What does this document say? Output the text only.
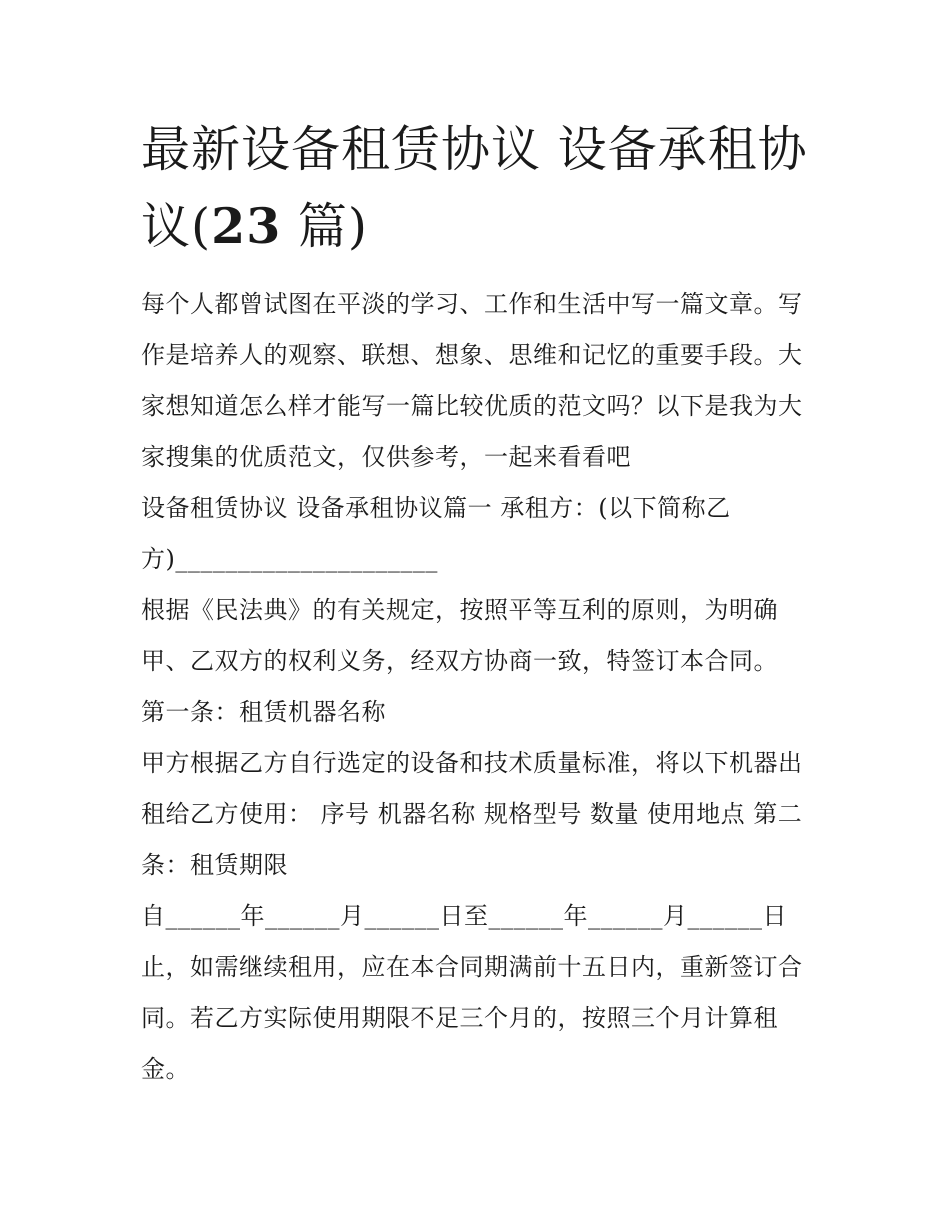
最新设备租赁协议 设备承租协
议(23 篇)

每个人都曾试图在平淡的学习、工作和生活中写一篇文章。写作是培养人的观察、联想、想象、思维和记忆的重要手段。大家想知道怎么样才能写一篇比较优质的范文吗？以下是我为大家搜集的优质范文，仅供参考，一起来看看吧

设备租赁协议 设备承租协议篇一 承租方：(以下简称乙方)_____________________

根据《民法典》的有关规定，按照平等互利的原则，为明确甲、乙双方的权利义务，经双方协商一致，特签订本合同。

第一条：租赁机器名称

甲方根据乙方自行选定的设备和技术质量标准，将以下机器出租给乙方使用： 序号 机器名称 规格型号 数量 使用地点 第二条：租赁期限

自______年______月______日至______年______月______日止，如需继续租用，应在本合同期满前十五日内，重新签订合同。若乙方实际使用期限不足三个月的，按照三个月计算租金。
